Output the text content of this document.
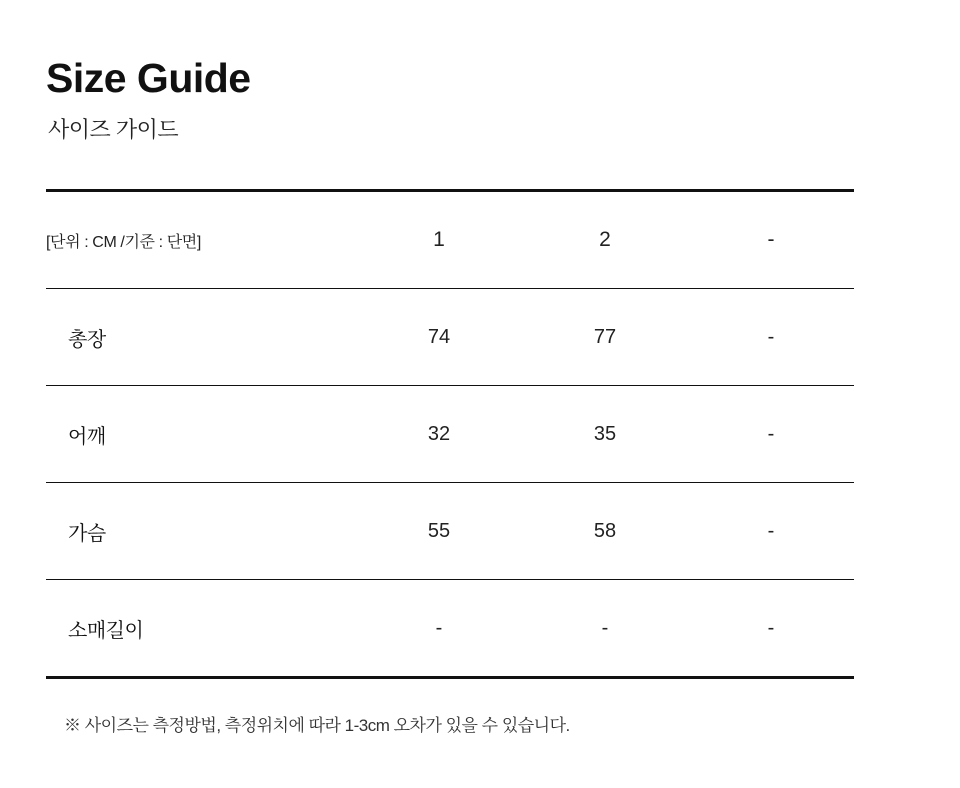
Size Guide
사이즈 가이드
[단위 : CM /기준 : 단면]	1	2	-
총장	74	77	-
어깨	32	35	-
가슴	55	58	-
소매길이	-	-	-
※ 사이즈는 측정방법, 측정위치에 따라 1-3cm 오차가 있을 수 있습니다.
